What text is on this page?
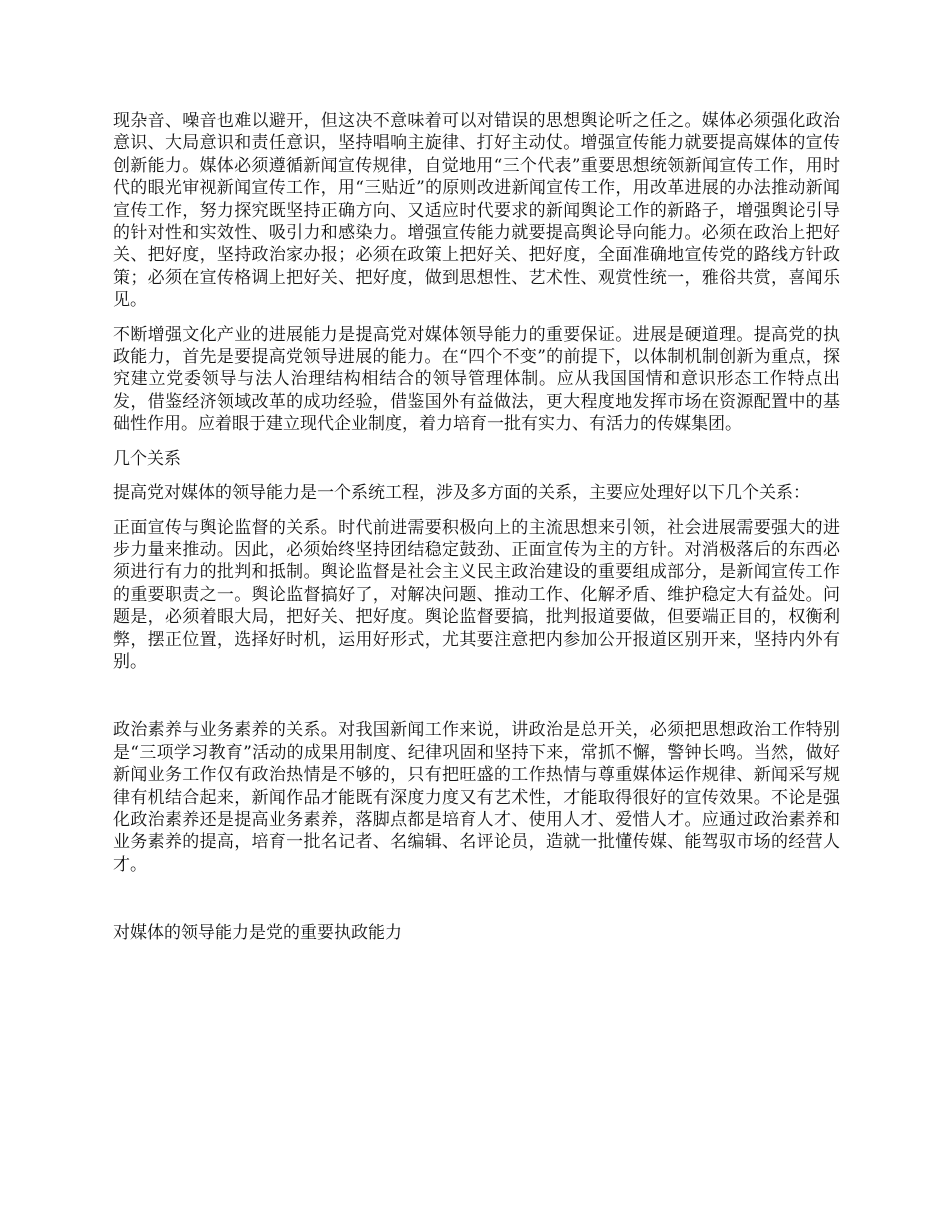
现杂音、噪音也难以避开，但这决不意味着可以对错误的思想舆论听之任之。媒体必须强化政治意识、大局意识和责任意识，坚持唱响主旋律、打好主动仗。增强宣传能力就要提高媒体的宣传创新能力。媒体必须遵循新闻宣传规律，自觉地用“三个代表”重要思想统领新闻宣传工作，用时代的眼光审视新闻宣传工作，用“三贴近”的原则改进新闻宣传工作，用改革进展的办法推动新闻宣传工作，努力探究既坚持正确方向、又适应时代要求的新闻舆论工作的新路子，增强舆论引导的针对性和实效性、吸引力和感染力。增强宣传能力就要提高舆论导向能力。必须在政治上把好关、把好度，坚持政治家办报；必须在政策上把好关、把好度，全面准确地宣传党的路线方针政策；必须在宣传格调上把好关、把好度，做到思想性、艺术性、观赏性统一，雅俗共赏，喜闻乐见。

不断增强文化产业的进展能力是提高党对媒体领导能力的重要保证。进展是硬道理。提高党的执政能力，首先是要提高党领导进展的能力。在“四个不变”的前提下，以体制机制创新为重点，探究建立党委领导与法人治理结构相结合的领导管理体制。应从我国国情和意识形态工作特点出发，借鉴经济领域改革的成功经验，借鉴国外有益做法，更大程度地发挥市场在资源配置中的基础性作用。应着眼于建立现代企业制度，着力培育一批有实力、有活力的传媒集团。

几个关系

提高党对媒体的领导能力是一个系统工程，涉及多方面的关系，主要应处理好以下几个关系：

正面宣传与舆论监督的关系。时代前进需要积极向上的主流思想来引领，社会进展需要强大的进步力量来推动。因此，必须始终坚持团结稳定鼓劲、正面宣传为主的方针。对消极落后的东西必须进行有力的批判和抵制。舆论监督是社会主义民主政治建设的重要组成部分，是新闻宣传工作的重要职责之一。舆论监督搞好了，对解决问题、推动工作、化解矛盾、维护稳定大有益处。问题是，必须着眼大局，把好关、把好度。舆论监督要搞，批判报道要做，但要端正目的，权衡利弊，摆正位置，选择好时机，运用好形式，尤其要注意把内参加公开报道区别开来，坚持内外有别。

政治素养与业务素养的关系。对我国新闻工作来说，讲政治是总开关，必须把思想政治工作特别是“三项学习教育”活动的成果用制度、纪律巩固和坚持下来，常抓不懈，警钟长鸣。当然，做好新闻业务工作仅有政治热情是不够的，只有把旺盛的工作热情与尊重媒体运作规律、新闻采写规律有机结合起来，新闻作品才能既有深度力度又有艺术性，才能取得很好的宣传效果。不论是强化政治素养还是提高业务素养，落脚点都是培育人才、使用人才、爱惜人才。应通过政治素养和业务素养的提高，培育一批名记者、名编辑、名评论员，造就一批懂传媒、能驾驭市场的经营人才。

对媒体的领导能力是党的重要执政能力
